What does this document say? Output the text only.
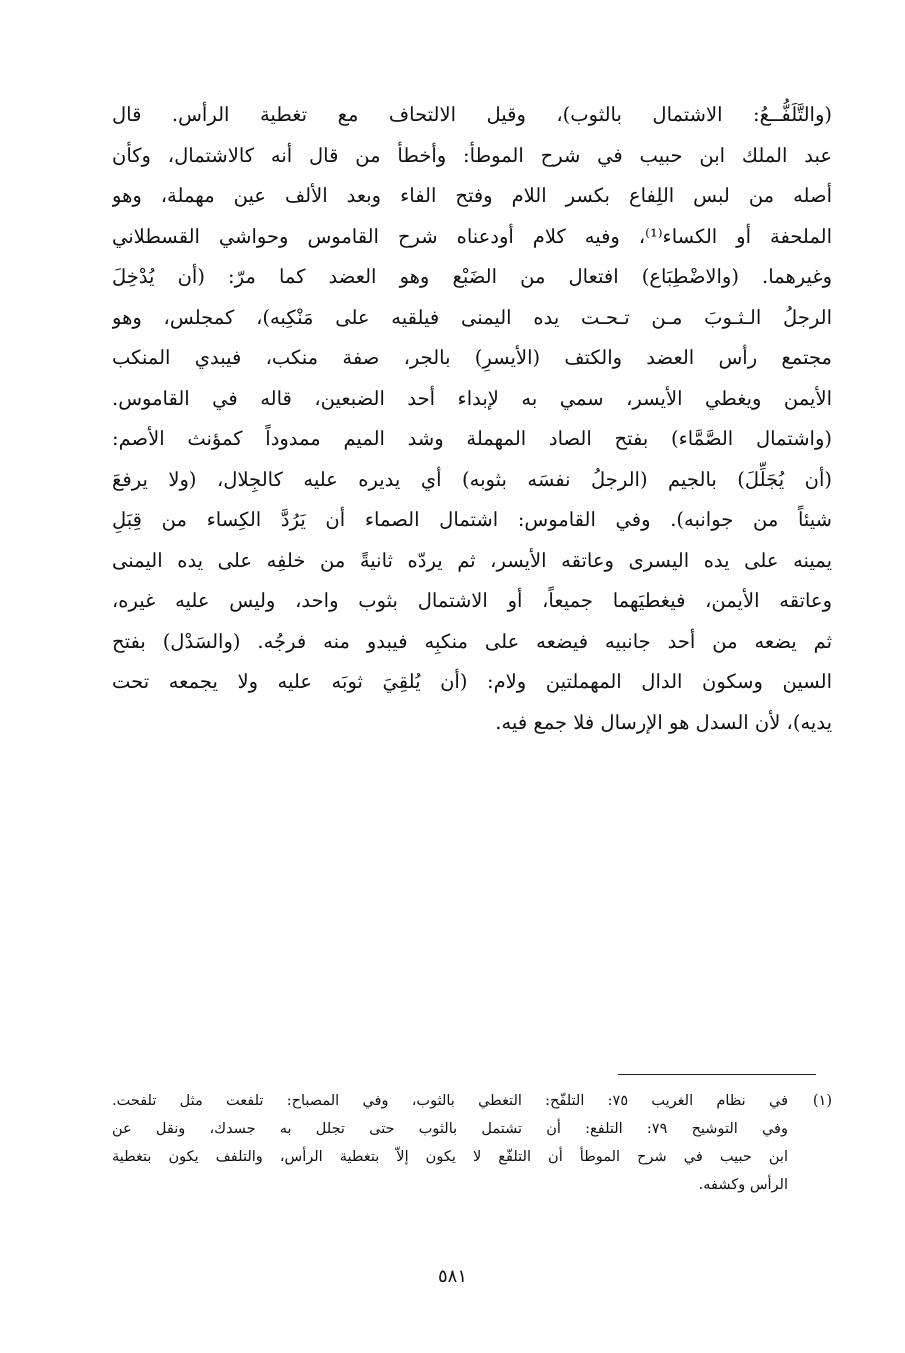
(والتَّلَفُّــعُ: الاشتمال بالثوب)، وقيل الالتحاف مع تغطية الرأس. قال
عبد الملك ابن حبيب في شرح الموطأ: وأخطأ من قال أنه كالاشتمال، وكأن
أصله من لبس اللِفاع بكسر اللام وفتح الفاء وبعد الألف عين مهملة، وهو
الملحفة أو الكساء⁽¹⁾، وفيه كلام أودعناه شرح القاموس وحواشي القسطلاني
وغيرهما. (والاضْطِبَاع) افتعال من الضَبْع وهو العضد كما مرّ: (أن يُدْخِلَ
الرجلُ الـثـوبَ مـن تـحـت يده اليمنى فيلقيه على مَنْكِبه)، كمجلس، وهو
مجتمع رأس العضد والكتف (الأيسرِ) بالجر، صفة منكب، فيبدي المنكب
الأيمن ويغطي الأيسر، سمي به لإبداء أحد الضبعين، قاله في القاموس.
(واشتمال الصَّمَّاء) بفتح الصاد المهملة وشد الميم ممدوداً كمؤنث الأصم:
(أن يُجَلِّلَ) بالجيم (الرجلُ نفسَه بثوبه) أي يديره عليه كالجِلال، (ولا يرفعَ
شيئاً من جوانبه). وفي القاموس: اشتمال الصماء أن يَرُدَّ الكِساء من قِبَلِ
يمينه على يده اليسرى وعاتقه الأيسر، ثم يردّه ثانيةً من خلفِه على يده اليمنى
وعاتقه الأيمن، فيغطيَهما جميعاً، أو الاشتمال بثوب واحد، وليس عليه غيره،
ثم يضعه من أحد جانبيه فيضعه على منكبِه فيبدو منه فرجُه. (والسَدْل) بفتح
السين وسكون الدال المهملتين ولام: (أن يُلقِيَ ثوبَه عليه ولا يجمعه تحت
يديه)، لأن السدل هو الإرسال فلا جمع فيه.
(١)
في نظام الغريب ٧٥: التلفّح: التغطي بالثوب، وفي المصباح: تلفعت مثل تلفحت.
وفي التوشيح ٧٩: التلفع: أن تشتمل بالثوب حتى تجلل به جسدك، ونقل عن
ابن حبيب في شرح الموطأ أن التلفّع لا يكون إلاّ بتغطية الرأس، والتلفف يكون بتغطية
الرأس وكشفه.
٥٨١
